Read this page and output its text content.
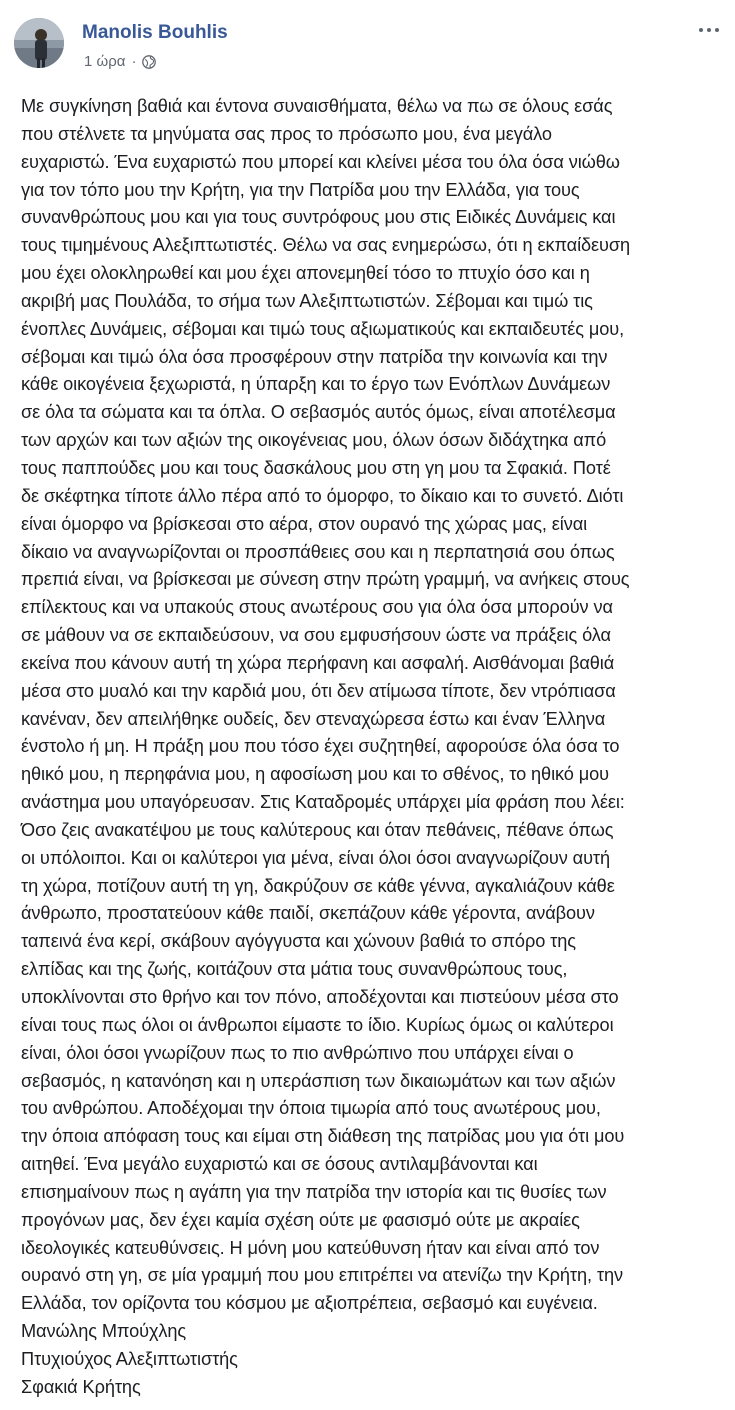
Manolis Bouhlis
1 ώρα ·
Με συγκίνηση βαθιά και έντονα συναισθήματα, θέλω να πω σε όλους εσάς
που στέλνετε τα μηνύματα σας προς το πρόσωπο μου, ένα μεγάλο
ευχαριστώ. Ένα ευχαριστώ που μπορεί και κλείνει μέσα του όλα όσα νιώθω
για τον τόπο μου την Κρήτη, για την Πατρίδα μου την Ελλάδα, για τους
συνανθρώπους μου και για τους συντρόφους μου στις Ειδικές Δυνάμεις και
τους τιμημένους Αλεξιπτωτιστές. Θέλω να σας ενημερώσω, ότι η εκπαίδευση
μου έχει ολοκληρωθεί και μου έχει απονεμηθεί τόσο το πτυχίο όσο και η
ακριβή μας Πουλάδα, το σήμα των Αλεξιπτωτιστών. Σέβομαι και τιμώ τις
ένοπλες Δυνάμεις, σέβομαι και τιμώ τους αξιωματικούς και εκπαιδευτές μου,
σέβομαι και τιμώ όλα όσα προσφέρουν στην πατρίδα την κοινωνία και την
κάθε οικογένεια ξεχωριστά, η ύπαρξη και το έργο των Ενόπλων Δυνάμεων
σε όλα τα σώματα και τα όπλα. Ο σεβασμός αυτός όμως, είναι αποτέλεσμα
των αρχών και των αξιών της οικογένειας μου, όλων όσων διδάχτηκα από
τους παππούδες μου και τους δασκάλους μου στη γη μου τα Σφακιά. Ποτέ
δε σκέφτηκα τίποτε άλλο πέρα από το όμορφο, το δίκαιο και το συνετό. Διότι
είναι όμορφο να βρίσκεσαι στο αέρα, στον ουρανό της χώρας μας, είναι
δίκαιο να αναγνωρίζονται οι προσπάθειες σου και η περπατησιά σου όπως
πρεπιά είναι, να βρίσκεσαι με σύνεση στην πρώτη γραμμή, να ανήκεις στους
επίλεκτους και να υπακούς στους ανωτέρους σου για όλα όσα μπορούν να
σε μάθουν να σε εκπαιδεύσουν, να σου εμφυσήσουν ώστε να πράξεις όλα
εκείνα που κάνουν αυτή τη χώρα περήφανη και ασφαλή. Αισθάνομαι βαθιά
μέσα στο μυαλό και την καρδιά μου, ότι δεν ατίμωσα τίποτε, δεν ντρόπιασα
κανέναν, δεν απειλήθηκε ουδείς, δεν στεναχώρεσα έστω και έναν Έλληνα
ένστολο ή μη. Η πράξη μου που τόσο έχει συζητηθεί, αφορούσε όλα όσα το
ηθικό μου, η περηφάνια μου, η αφοσίωση μου και το σθένος, το ηθικό μου
ανάστημα μου υπαγόρευσαν. Στις Καταδρομές υπάρχει μία φράση που λέει:
Όσο ζεις ανακατέψου με τους καλύτερους και όταν πεθάνεις, πέθανε όπως
οι υπόλοιποι. Και οι καλύτεροι για μένα, είναι όλοι όσοι αναγνωρίζουν αυτή
τη χώρα, ποτίζουν αυτή τη γη, δακρύζουν σε κάθε γέννα, αγκαλιάζουν κάθε
άνθρωπο, προστατεύουν κάθε παιδί, σκεπάζουν κάθε γέροντα, ανάβουν
ταπεινά ένα κερί, σκάβουν αγόγγυστα και χώνουν βαθιά το σπόρο της
ελπίδας και της ζωής, κοιτάζουν στα μάτια τους συνανθρώπους τους,
υποκλίνονται στο θρήνο και τον πόνο, αποδέχονται και πιστεύουν μέσα στο
είναι τους πως όλοι οι άνθρωποι είμαστε το ίδιο. Κυρίως όμως οι καλύτεροι
είναι, όλοι όσοι γνωρίζουν πως το πιο ανθρώπινο που υπάρχει είναι ο
σεβασμός, η κατανόηση και η υπεράσπιση των δικαιωμάτων και των αξιών
του ανθρώπου. Αποδέχομαι την όποια τιμωρία από τους ανωτέρους μου,
την όποια απόφαση τους και είμαι στη διάθεση της πατρίδας μου για ότι μου
αιτηθεί. Ένα μεγάλο ευχαριστώ και σε όσους αντιλαμβάνονται και
επισημαίνουν πως η αγάπη για την πατρίδα την ιστορία και τις θυσίες των
προγόνων μας, δεν έχει καμία σχέση ούτε με φασισμό ούτε με ακραίες
ιδεολογικές κατευθύνσεις. Η μόνη μου κατεύθυνση ήταν και είναι από τον
ουρανό στη γη, σε μία γραμμή που μου επιτρέπει να ατενίζω την Κρήτη, την
Ελλάδα, τον ορίζοντα του κόσμου με αξιοπρέπεια, σεβασμό και ευγένεια.
Μανώλης Μπούχλης
Πτυχιούχος Αλεξιπτωτιστής
Σφακιά Κρήτης
